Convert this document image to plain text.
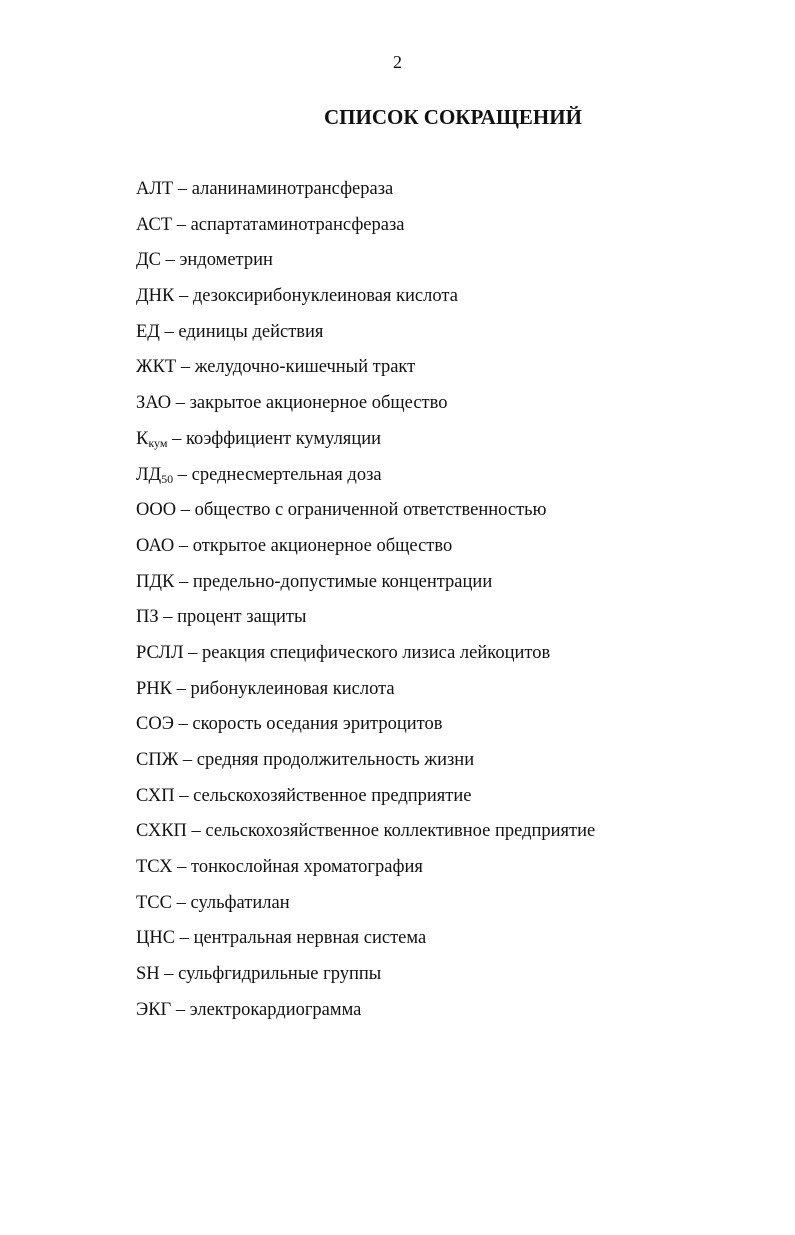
2
СПИСОК СОКРАЩЕНИЙ
АЛТ – аланинаминотрансфераза
АСТ – аспартатаминотрансфераза
ДС – эндометрин
ДНК – дезоксирибонуклеиновая кислота
ЕД – единицы действия
ЖКТ – желудочно-кишечный тракт
ЗАО – закрытое акционерное общество
$К_{кум}$ – коэффициент кумуляции
$ЛД_{50}$ – среднесмертельная доза
ООО – общество с ограниченной ответственностью
ОАО – открытое акционерное общество
ПДК – предельно-допустимые концентрации
ПЗ – процент защиты
РСЛЛ – реакция специфического лизиса лейкоцитов
РНК – рибонуклеиновая кислота
СОЭ – скорость оседания эритроцитов
СПЖ – средняя продолжительность жизни
СХП – сельскохозяйственное предприятие
СХКП – сельскохозяйственное коллективное предприятие
ТСХ – тонкослойная хроматография
ТСС – сульфатилан
ЦНС – центральная нервная система
SH – сульфгидрильные группы
ЭКГ – электрокардиограмма
